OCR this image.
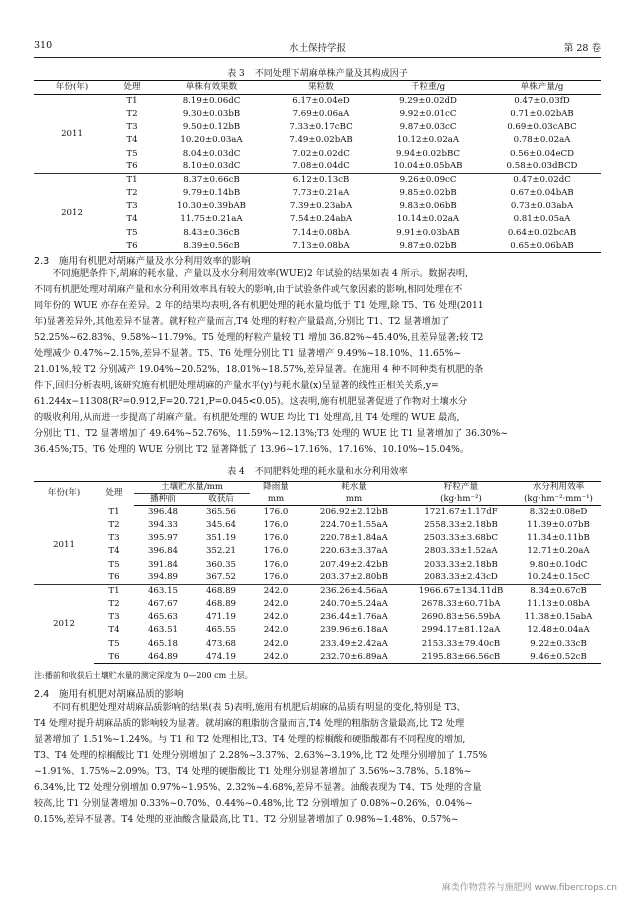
310	水土保持学报	第 28 卷
表 3 不同处理下胡麻单株产量及其构成因子
年份(年)	处理	单株有效果数	果粒数	千粒重/g	单株产量/g
2011	T1	8.19±0.06dC	6.17±0.04eD	9.29±0.02dD	0.47±0.03fD
	T2	9.30±0.03bB	7.69±0.06aA	9.92±0.01cC	0.71±0.02bAB
	T3	9.50±0.12bB	7.33±0.17cBC	9.87±0.03cC	0.69±0.03cABC
	T4	10.20±0.03aA	7.49±0.02bAB	10.12±0.02aA	0.78±0.02aA
	T5	8.04±0.03dC	7.02±0.02dC	9.94±0.02bBC	0.56±0.04eCD
	T6	8.10±0.03dC	7.08±0.04dC	10.04±0.05bAB	0.58±0.03dBCD
2012	T1	8.37±0.66cB	6.12±0.13cB	9.26±0.09cC	0.47±0.02dC
	T2	9.79±0.14bB	7.73±0.21aA	9.85±0.02bB	0.67±0.04bAB
	T3	10.30±0.39bAB	7.39±0.23abA	9.83±0.06bB	0.73±0.03abA
	T4	11.75±0.21aA	7.54±0.24abA	10.14±0.02aA	0.81±0.05aA
	T5	8.43±0.36cB	7.14±0.08bA	9.91±0.03bAB	0.64±0.02bcAB
	T6	8.39±0.56cB	7.13±0.08bA	9.87±0.02bB	0.65±0.06bAB
2.3　施用有机肥对胡麻产量及水分利用效率的影响
　　不同施肥条件下,胡麻的耗水量、产量以及水分利用效率(WUE)2 年试验的结果如表 4 所示。数据表明,
不同有机肥处理对胡麻产量和水分利用效率具有较大的影响,由于试验条件或气象因素的影响,相同处理在不
同年份的 WUE 亦存在差异。2 年的结果均表明,各有机肥处理的耗水量均低于 T1 处理,除 T5、T6 处理(2011
年)显著差异外,其他差异不显著。就籽粒产量而言,T4 处理的籽粒产量最高,分别比 T1、T2 显著增加了
52.25%~62.83%、9.58%~11.79%。T5 处理的籽粒产量较 T1 增加 36.82%~45.40%,且差异显著;较 T2
处理减少 0.47%~2.15%,差异不显著。T5、T6 处理分别比 T1 显著增产 9.49%~18.10%、11.65%~
21.01%,较 T2 分别减产 19.04%~20.52%、18.01%~18.57%,差异显著。在施用 4 种不同种类有机肥的条
件下,回归分析表明,该研究施有机肥处理胡麻的产量水平(y)与耗水量(x)呈显著的线性正相关关系,y=
61.244x−11308(R²=0.912,F=20.721,P=0.045<0.05)。这表明,施有机肥显著促进了作物对土壤水分
的吸收利用,从而进一步提高了胡麻产量。有机肥处理的 WUE 均比 T1 处理高,且 T4 处理的 WUE 最高,
分别比 T1、T2 显著增加了 49.64%~52.76%、11.59%~12.13%;T3 处理的 WUE 比 T1 显著增加了 36.30%~
36.45%;T5、T6 处理的 WUE 分别比 T2 显著降低了 13.96~17.16%、17.16%、10.10%~15.04%。
表 4 不同肥料处理的耗水量和水分利用效率
年份(年)	处理	土壤贮水量/mm		降雨量	耗水量	籽粒产量	水分利用效率
		播种前	收获后	mm	mm	(kg·hm⁻²)	(kg·hm⁻²·mm⁻¹)
2011	T1	396.48	365.56	176.0	206.92±2.12bB	1721.67±1.17dF	8.32±0.08eD
	T2	394.33	345.64	176.0	224.70±1.55aA	2558.33±2.18bB	11.39±0.07bB
	T3	395.97	351.19	176.0	220.78±1.84aA	2503.33±3.68bC	11.34±0.11bB
	T4	396.84	352.21	176.0	220.63±3.37aA	2803.33±1.52aA	12.71±0.20aA
	T5	391.84	360.35	176.0	207.49±2.42bB	2033.33±2.18bB	9.80±0.10dC
	T6	394.89	367.52	176.0	203.37±2.80bB	2083.33±2.43cD	10.24±0.15cC
2012	T1	463.15	468.89	242.0	236.26±4.56aA	1966.67±134.11dB	8.34±0.67cB
	T2	467.67	468.89	242.0	240.70±5.24aA	2678.33±60.71bA	11.13±0.08bA
	T3	465.63	471.19	242.0	236.44±1.76aA	2690.83±56.59bA	11.38±0.15abA
	T4	463.51	465.55	242.0	239.96±6.18aA	2994.17±81.12aA	12.48±0.04aA
	T5	465.18	473.68	242.0	233.49±2.42aA	2153.33±79.40cB	9.22±0.33cB
	T6	464.89	474.19	242.0	232.70±6.89aA	2195.83±66.56cB	9.46±0.52cB
注:播前和收获后土壤贮水量的测定深度为 0—200 cm 土层。
2.4　施用有机肥对胡麻品质的影响
　　不同有机肥处理对胡麻品质影响的结果(表 5)表明,施用有机肥后胡麻的品质有明显的变化,特别是 T3、
T4 处理对提升胡麻品质的影响较为显著。就胡麻的粗脂肪含量而言,T4 处理的粗脂肪含量最高,比 T2 处理
显著增加了 1.51%~1.24%。与 T1 和 T2 处理相比,T3、T4 处理的棕榈酸和硬脂酸都有不同程度的增加,
T3、T4 处理的棕榈酸比 T1 处理分别增加了 2.28%~3.37%、2.63%~3.19%,比 T2 处理分别增加了 1.75%
~1.91%、1.75%~2.09%。T3、T4 处理的硬脂酸比 T1 处理分别显著增加了 3.56%~3.78%、5.18%~
6.34%,比 T2 处理分别增加 0.97%~1.95%、2.32%~4.68%,差异不显著。油酸表现为 T4、T5 处理的含量
较高,比 T1 分别显著增加 0.33%~0.70%、0.44%~0.48%,比 T2 分别增加了 0.08%~0.26%、0.04%~
0.15%,差异不显著。T4 处理的亚油酸含量最高,比 T1、T2 分别显著增加了 0.98%~1.48%、0.57%~
麻类作物营养与施肥网 www.fibercrops.cn
